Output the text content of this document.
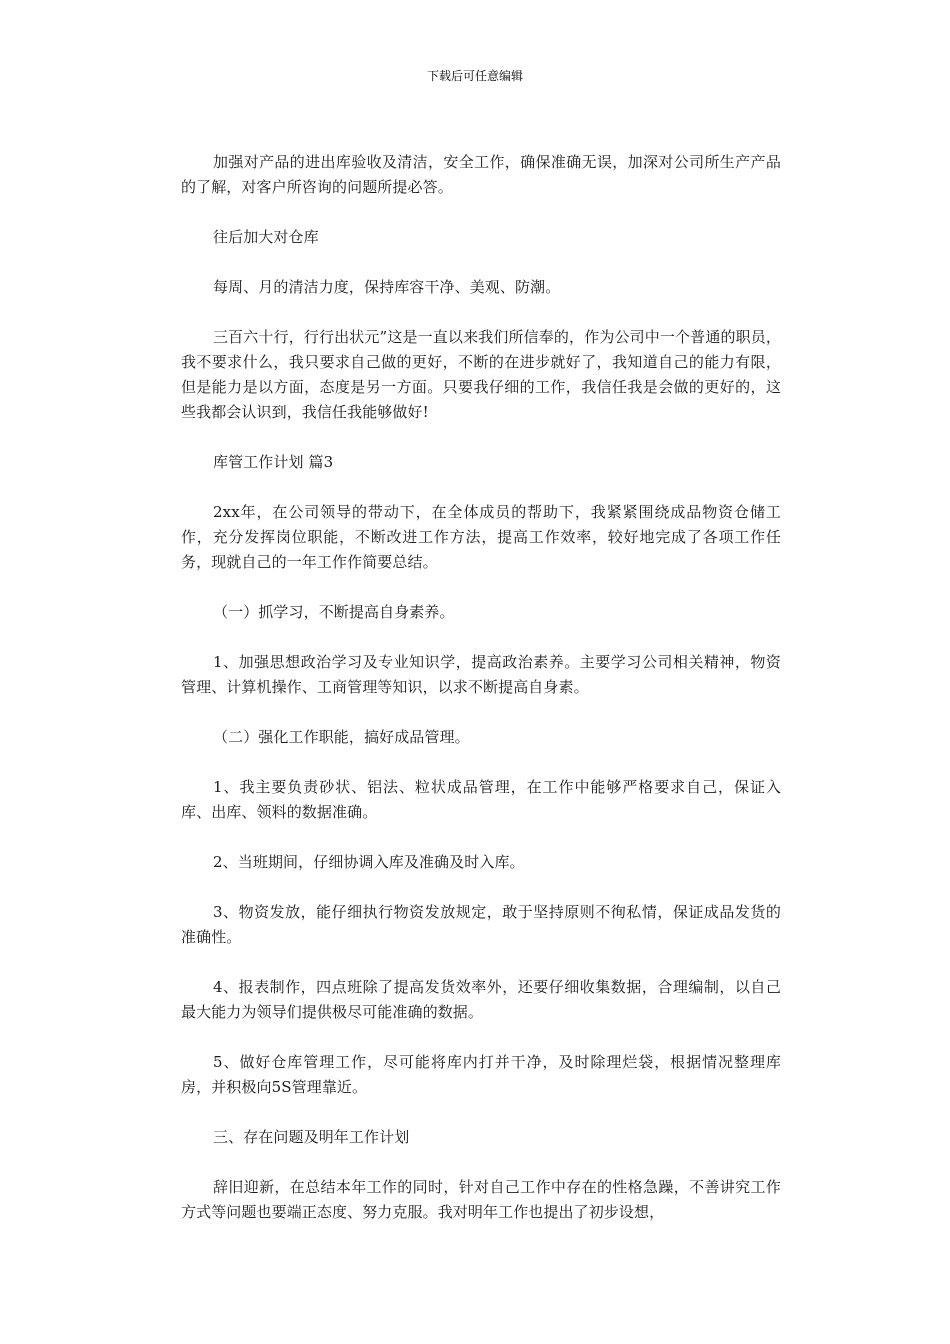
下载后可任意编辑

加强对产品的进出库验收及清洁，安全工作，确保准确无误，加深对公司所生产产品的了解，对客户所咨询的问题所提必答。

往后加大对仓库

每周、月的清洁力度，保持库容干净、美观、防潮。

三百六十行，行行出状元”这是一直以来我们所信奉的，作为公司中一个普通的职员，我不要求什么，我只要求自己做的更好，不断的在进步就好了，我知道自己的能力有限，但是能力是以方面，态度是另一方面。只要我仔细的工作，我信任我是会做的更好的，这些我都会认识到，我信任我能够做好!

库管工作计划 篇3

2xx年，在公司领导的带动下，在全体成员的帮助下，我紧紧围绕成品物资仓储工作，充分发挥岗位职能，不断改进工作方法，提高工作效率，较好地完成了各项工作任务，现就自己的一年工作作简要总结。

（一）抓学习，不断提高自身素养。

1、加强思想政治学习及专业知识学，提高政治素养。主要学习公司相关精神，物资管理、计算机操作、工商管理等知识，以求不断提高自身素。

（二）强化工作职能，搞好成品管理。

1、我主要负责砂状、铝法、粒状成品管理，在工作中能够严格要求自己，保证入库、出库、领料的数据准确。

2、当班期间，仔细协调入库及准确及时入库。

3、物资发放，能仔细执行物资发放规定，敢于坚持原则不徇私情，保证成品发货的准确性。

4、报表制作，四点班除了提高发货效率外，还要仔细收集数据，合理编制，以自己最大能力为领导们提供极尽可能准确的数据。

5、做好仓库管理工作，尽可能将库内打并干净，及时除理烂袋，根据情况整理库房，并积极向5S管理靠近。

三、存在问题及明年工作计划

辞旧迎新，在总结本年工作的同时，针对自己工作中存在的性格急躁，不善讲究工作方式等问题也要端正态度、努力克服。我对明年工作也提出了初步设想，
